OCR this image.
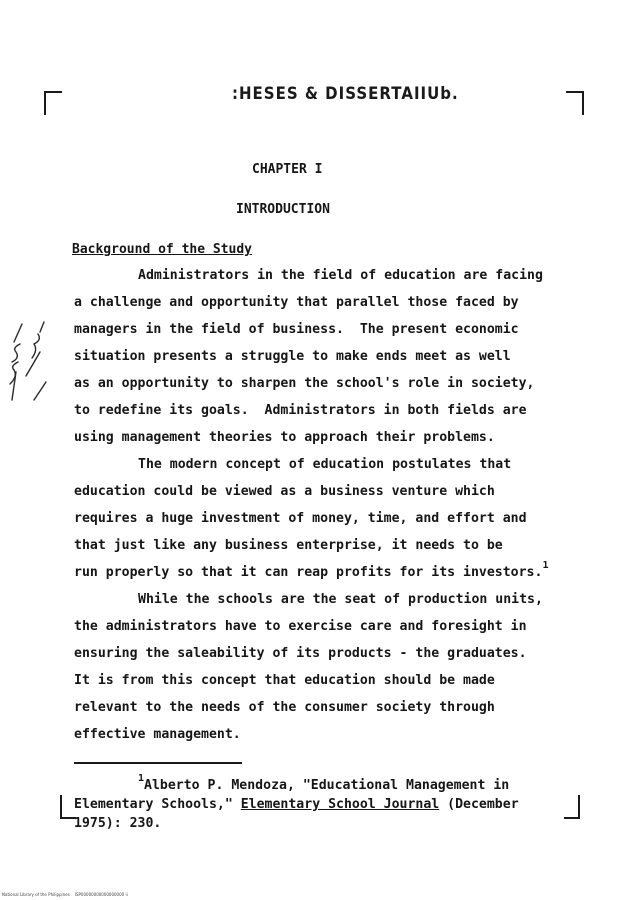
:HESES & DISSERTAIIUb.
CHAPTER I
INTRODUCTION
Background of the Study
Administrators in the field of education are facing
a challenge and opportunity that parallel those faced by
managers in the field of business.  The present economic
situation presents a struggle to make ends meet as well
as an opportunity to sharpen the school's role in society,
to redefine its goals.  Administrators in both fields are
using management theories to approach their problems.
The modern concept of education postulates that
education could be viewed as a business venture which
requires a huge investment of money, time, and effort and
that just like any business enterprise, it needs to be
run properly so that it can reap profits for its investors.$^1$
While the schools are the seat of production units,
the administrators have to exercise care and foresight in
ensuring the saleability of its products - the graduates.
It is from this concept that education should be made
relevant to the needs of the consumer society through
effective management.
$^1$Alberto P. Mendoza, "Educational Management in
Elementary Schools," Elementary School Journal (December
1975): 230.
National Library of the Philippines    ISP00000000000000000 ii
